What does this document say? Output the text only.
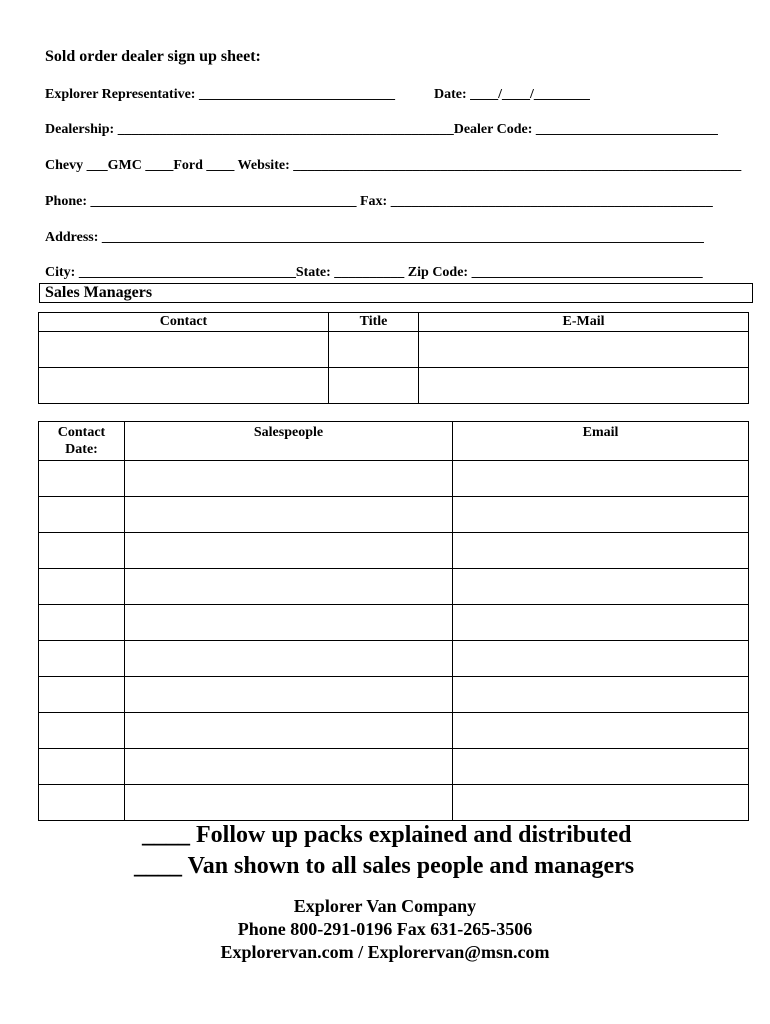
Sold order dealer sign up sheet:
Explorer Representative: ____________________________	Date: ____/____/________
Dealership: ________________________________________________Dealer Code: __________________________
Chevy ___GMC ____Ford ____ Website: ________________________________________________________________
Phone: ______________________________________ Fax: ______________________________________________
Address: ______________________________________________________________________________________
City: _______________________________State: __________ Zip Code: _________________________________
Sales Managers
Contact	Title	E-Mail

Contact Date:	Salespeople	Email

____ Follow up packs explained and distributed
____ Van shown to all sales people and managers
Explorer Van Company
Phone 800-291-0196 Fax 631-265-3506
Explorervan.com / Explorervan@msn.com
